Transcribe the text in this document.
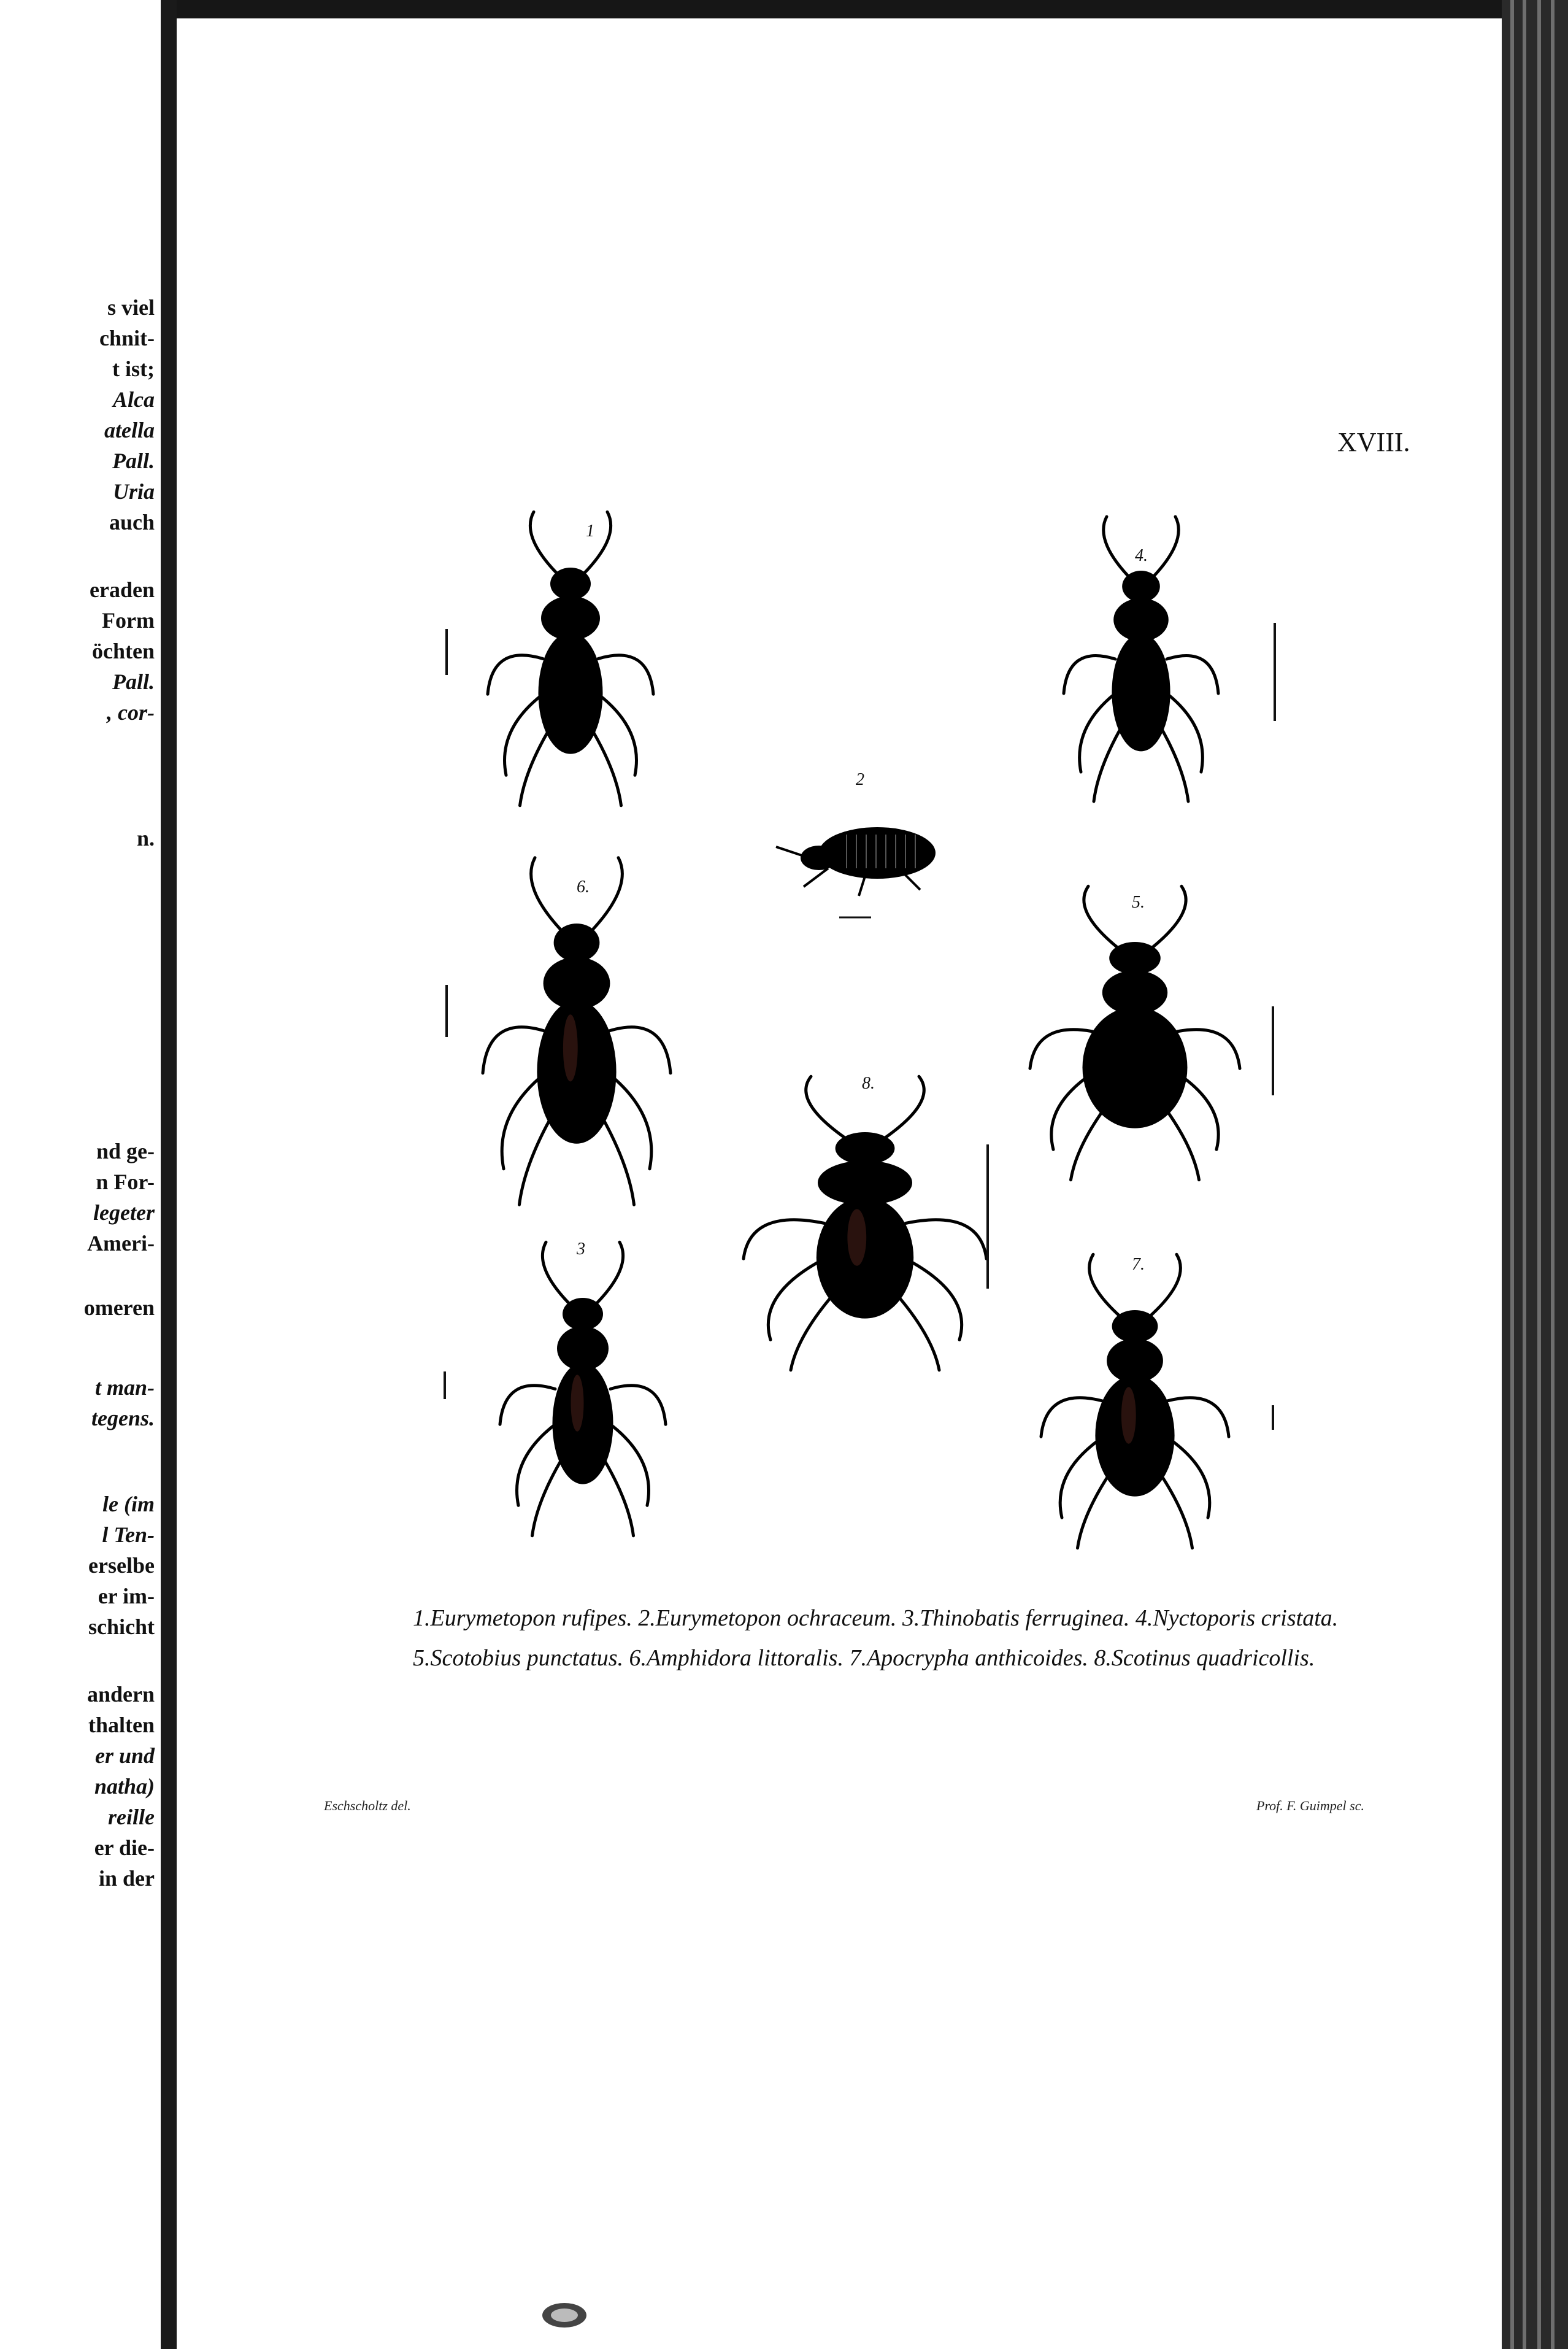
s viel
chnit-
t ist;
Alca
atella
Pall.
Uria
auch
eraden
Form
öchten
Pall.
, cor-
n.
nd ge-
n For-
legeter
Ameri-
omeren
t man-
tegens.
le (im
l Ten-
erselbe
er im-
schicht
andern
thalten
er und
natha)
reille
er die-
in der
XVIII.
1
2
3
4.
5.
6.
7.
8.
1.Eurymetopon rufipes. 2.Eurymetopon ochraceum. 3.Thinobatis ferruginea. 4.Nyctoporis cristata.
5.Scotobius punctatus. 6.Amphidora littoralis. 7.Apocrypha anthicoides. 8.Scotinus quadricollis.
Eschscholtz del.	Prof. F. Guimpel sc.
